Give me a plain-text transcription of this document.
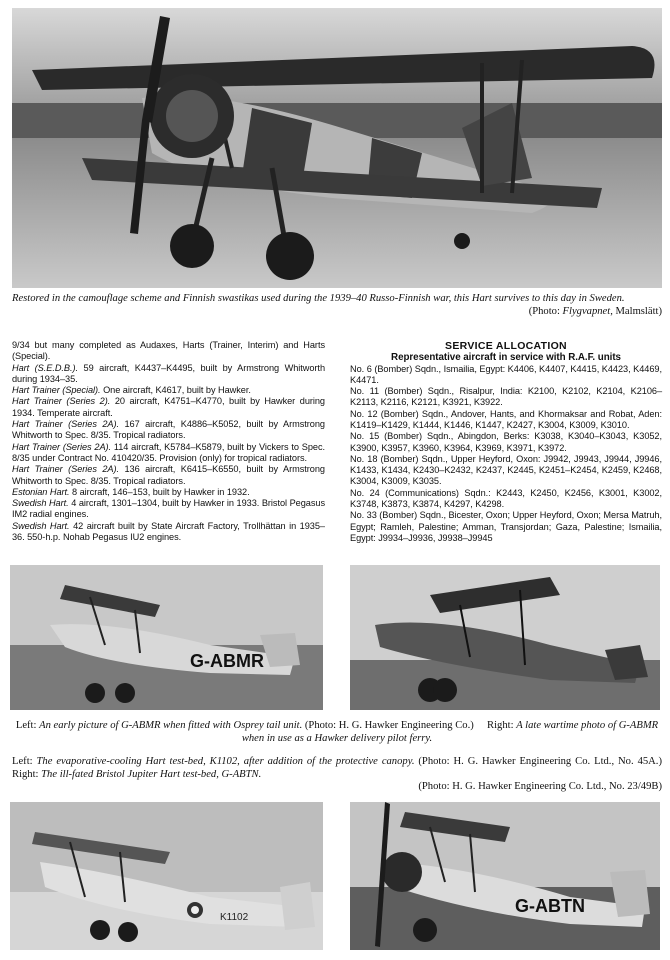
Restored in the camouflage scheme and Finnish swastikas used during the 1939–40 Russo-Finnish war, this Hart survives to this day in Sweden.
(Photo: Flygvapnet, Malmslätt)
9/34 but many completed as Audaxes, Harts (Trainer, Interim) and Harts (Special).
Hart (S.E.D.B.). 59 aircraft, K4437–K4495, built by Armstrong Whitworth during 1934–35.
Hart Trainer (Special). One aircraft, K4617, built by Hawker.
Hart Trainer (Series 2). 20 aircraft, K4751–K4770, built by Hawker during 1934. Temperate aircraft.
Hart Trainer (Series 2A). 167 aircraft, K4886–K5052, built by Armstrong Whitworth to Spec. 8/35. Tropical radiators.
Hart Trainer (Series 2A). 114 aircraft, K5784–K5879, built by Vickers to Spec. 8/35 under Contract No. 410420/35. Provision (only) for tropical radiators.
Hart Trainer (Series 2A). 136 aircraft, K6415–K6550, built by Armstrong Whitworth to Spec. 8/35. Tropical radiators.
Estonian Hart. 8 aircraft, 146–153, built by Hawker in 1932.
Swedish Hart. 4 aircraft, 1301–1304, built by Hawker in 1933. Bristol Pegasus IM2 radial engines.
Swedish Hart. 42 aircraft built by State Aircraft Factory, Trollhättan in 1935–36. 550-h.p. Nohab Pegasus IU2 engines.
SERVICE ALLOCATION
Representative aircraft in service with R.A.F. units
No. 6 (Bomber) Sqdn., Ismailia, Egypt: K4406, K4407, K4415, K4423, K4469, K4471.
No. 11 (Bomber) Sqdn., Risalpur, India: K2100, K2102, K2104, K2106–K2113, K2116, K2121, K3921, K3922.
No. 12 (Bomber) Sqdn., Andover, Hants, and Khormaksar and Robat, Aden: K1419–K1429, K1444, K1446, K1447, K2427, K3004, K3009, K3010.
No. 15 (Bomber) Sqdn., Abingdon, Berks: K3038, K3040–K3043, K3052, K3900, K3957, K3960, K3964, K3969, K3971, K3972.
No. 18 (Bomber) Sqdn., Upper Heyford, Oxon: J9942, J9943, J9944, J9946, K1433, K1434, K2430–K2432, K2437, K2445, K2451–K2454, K2459, K2468, K3004, K3009, K3035.
No. 24 (Communications) Sqdn.: K2443, K2450, K2456, K3001, K3002, K3748, K3873, K3874, K4297, K4298.
No. 33 (Bomber) Sqdn., Bicester, Oxon; Upper Heyford, Oxon; Mersa Matruh, Egypt; Ramleh, Palestine; Amman, Transjordan; Gaza, Palestine; Ismailia, Egypt: J9934–J9936, J9938–J9945
G-ABMR
Left: An early picture of G-ABMR when fitted with Osprey tail unit. (Photo: H. G. Hawker Engineering Co.) Right: A late wartime photo of G-ABMR when in use as a Hawker delivery pilot ferry.
Left: The evaporative-cooling Hart test-bed, K1102, after addition of the protective canopy. (Photo: H. G. Hawker Engineering Co. Ltd., No. 45A.) Right: The ill-fated Bristol Jupiter Hart test-bed, G-ABTN.
(Photo: H. G. Hawker Engineering Co. Ltd., No. 23/49B)
K1102
G-ABTN
